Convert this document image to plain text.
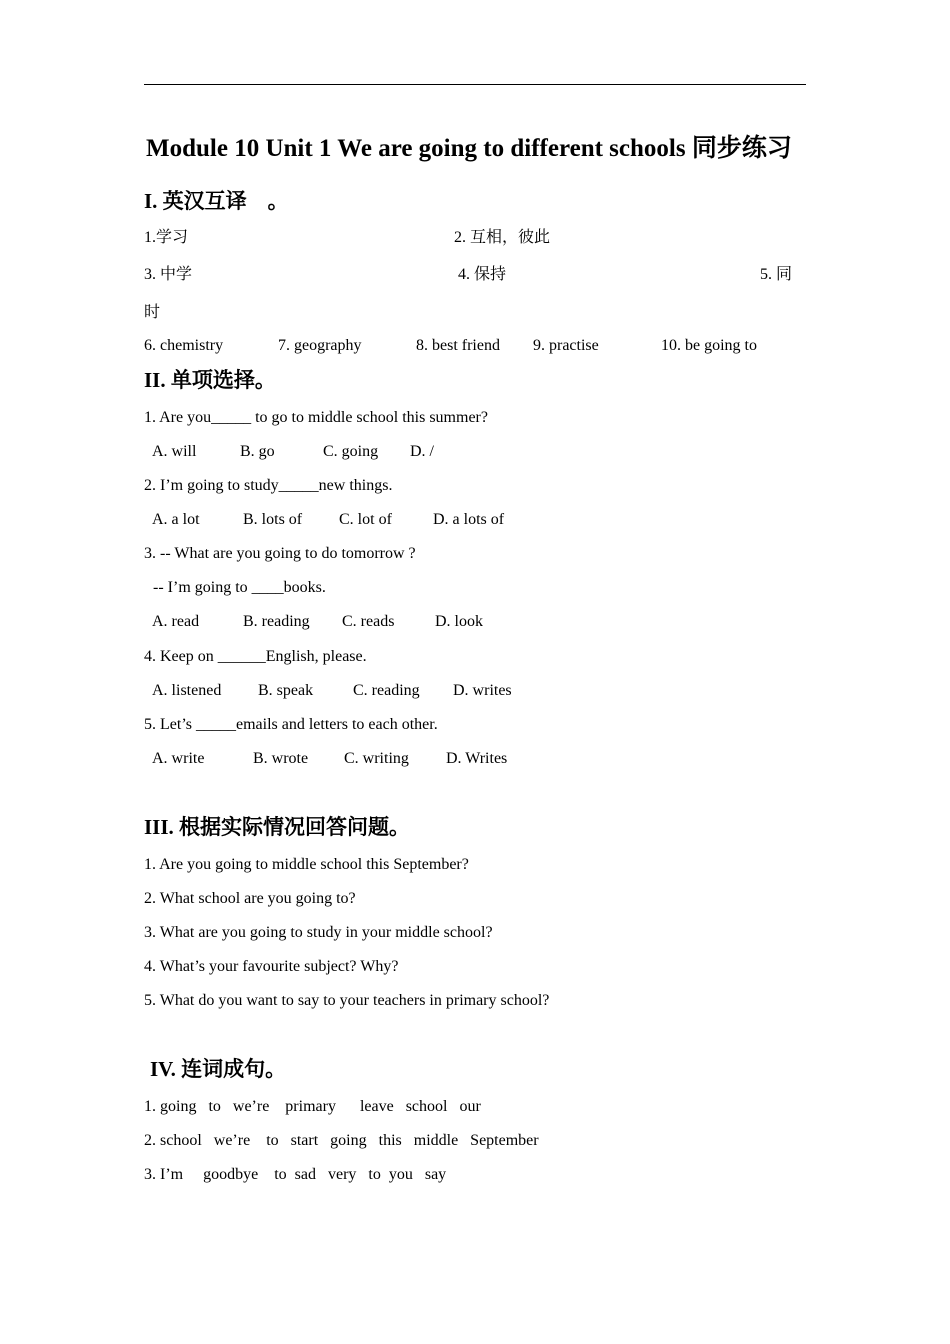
Module 10 Unit 1 We are going to different schools 同步练习
I. 英汉互译　。
1.学习	2. 互相，彼此
3. 中学	4. 保持	5. 同
时
6. chemistry	7. geography	8. best friend 9. practise	10. be going to
II. 单项选择。
1. Are you_____ to go to middle school this summer?
A. will	B. go	C. going D. /
2. I’m going to study_____new things.
A. a lot	B. lots of C. lot of	D. a lots of
3. -- What are you going to do tomorrow ?
-- I’m going to ____books.
A. read	B. reading C. reads	D. look
4. Keep on ______English, please.
A. listened B. speak C. reading D. writes
5. Let’s _____emails and letters to each other.
A. write	B. wrote C. writing D. Writes
III. 根据实际情况回答问题。
1. Are you going to middle school this September?
2. What school are you going to?
3. What are you going to study in your middle school?
4. What’s your favourite subject? Why?
5. What do you want to say to your teachers in primary school?
IV. 连词成句。
1. going   to   we’re    primary      leave   school   our
2. school   we’re    to   start   going   this   middle   September
3. I’m     goodbye    to  sad   very   to  you   say
